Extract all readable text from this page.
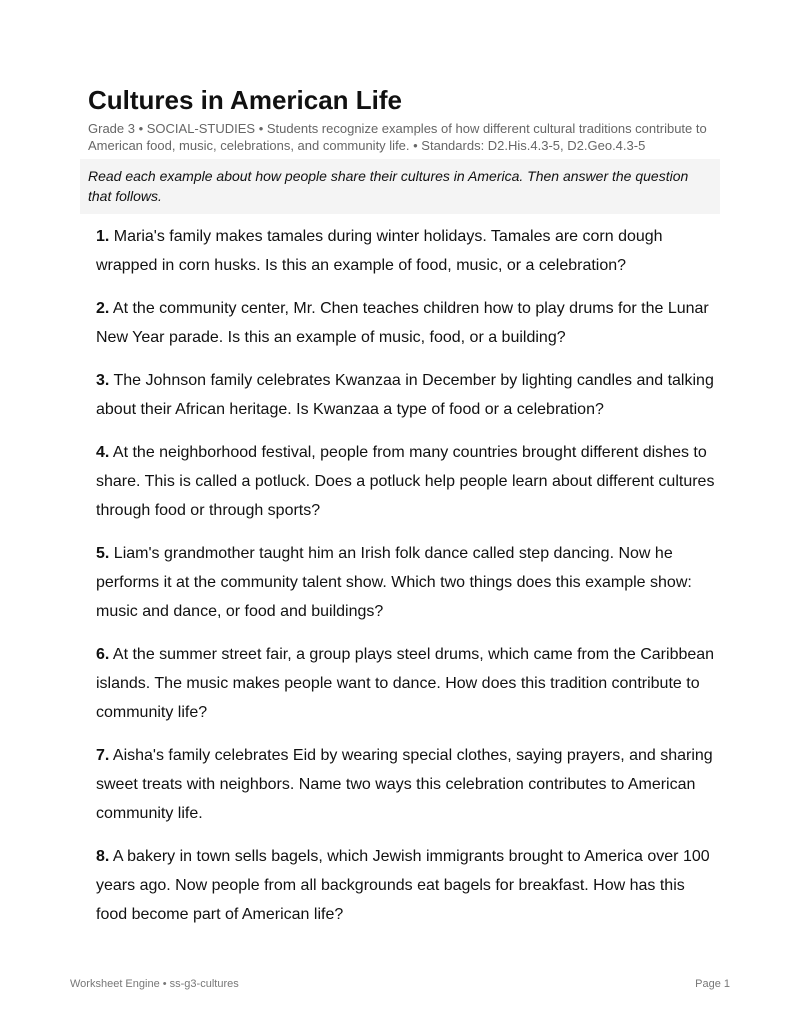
Cultures in American Life
Grade 3 • SOCIAL-STUDIES • Students recognize examples of how different cultural traditions contribute to American food, music, celebrations, and community life. • Standards: D2.His.4.3-5, D2.Geo.4.3-5
Read each example about how people share their cultures in America. Then answer the question that follows.

1. Maria's family makes tamales during winter holidays. Tamales are corn dough wrapped in corn husks. Is this an example of food, music, or a celebration?

2. At the community center, Mr. Chen teaches children how to play drums for the Lunar New Year parade. Is this an example of music, food, or a building?

3. The Johnson family celebrates Kwanzaa in December by lighting candles and talking about their African heritage. Is Kwanzaa a type of food or a celebration?

4. At the neighborhood festival, people from many countries brought different dishes to share. This is called a potluck. Does a potluck help people learn about different cultures through food or through sports?

5. Liam's grandmother taught him an Irish folk dance called step dancing. Now he performs it at the community talent show. Which two things does this example show: music and dance, or food and buildings?

6. At the summer street fair, a group plays steel drums, which came from the Caribbean islands. The music makes people want to dance. How does this tradition contribute to community life?

7. Aisha's family celebrates Eid by wearing special clothes, saying prayers, and sharing sweet treats with neighbors. Name two ways this celebration contributes to American community life.

8. A bakery in town sells bagels, which Jewish immigrants brought to America over 100 years ago. Now people from all backgrounds eat bagels for breakfast. How has this food become part of American life?

Worksheet Engine • ss-g3-cultures	Page 1
